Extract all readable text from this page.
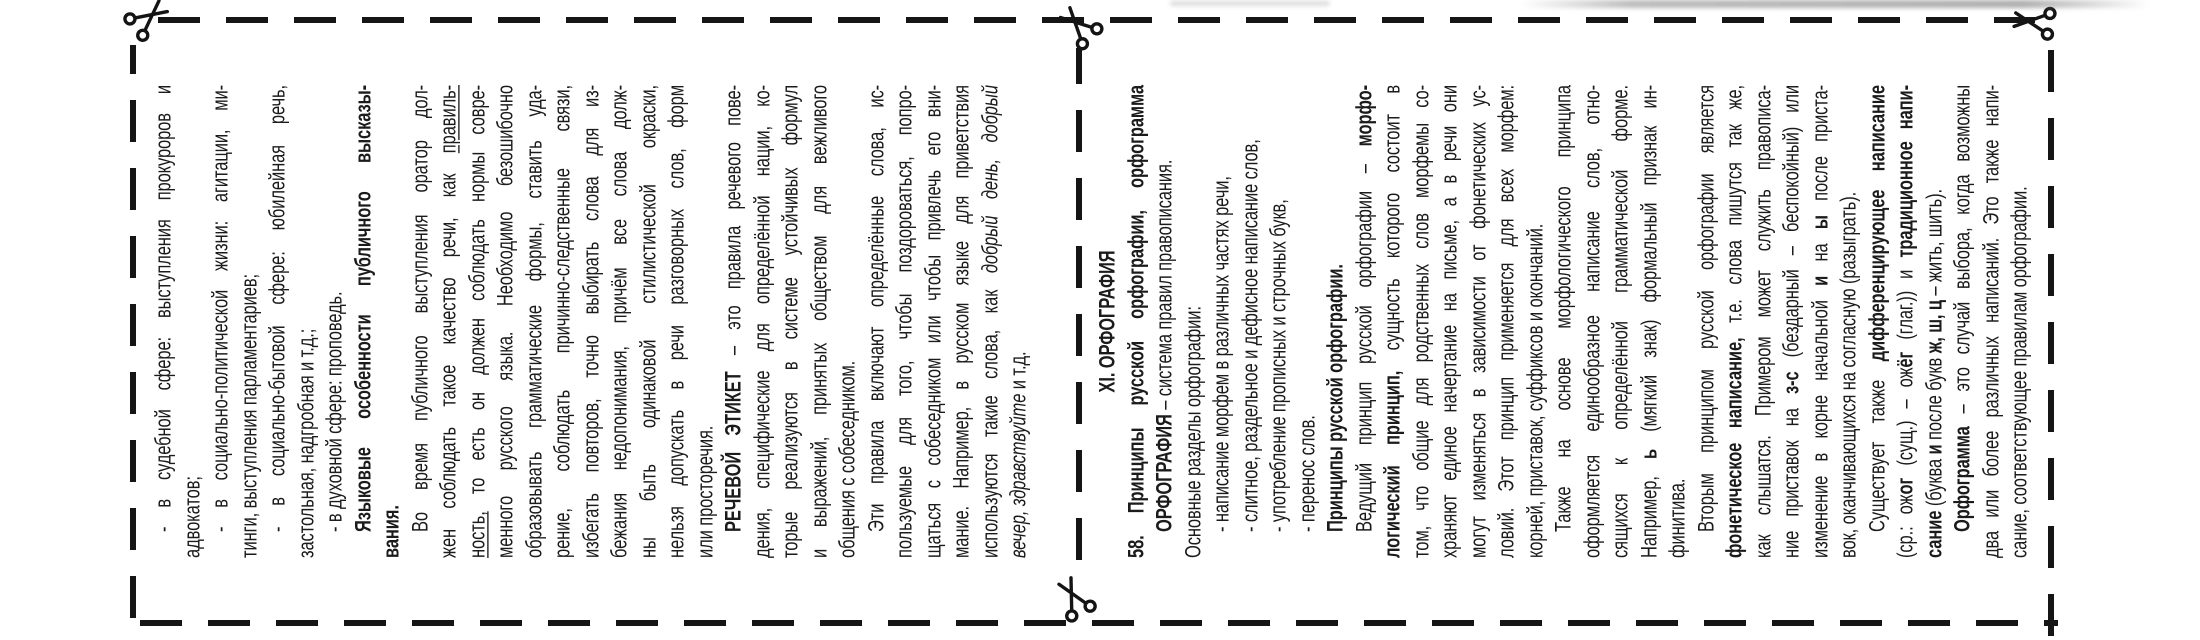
- в судебной сфере: выступления прокуроров и адвокатов; - в социально-политической жизни: агитации, ми- тинги, выступления парламентариев; - в социально-бытовой сфере: юбилейная речь, застольная, надгробная и т.д.; - в духовной сфере: проповедь. Языковые особенности публичного высказы- вания. Во время публичного выступления оратор дол- жен соблюдать такое качество речи, как правиль-
ность, то есть он должен соблюдать нормы совре- менного русского языка. Необходимо безошибочно образовывать грамматические формы, ставить уда- рение, соблюдать причинно-следственные связи, избегать повторов, точно выбирать слова для из- бежания недопонимания, причём все слова долж- ны быть одинаковой стилистической окраски, нельзя допускать в речи разговорных слов, форм или просторечия. РЕЧЕВОЙ ЭТИКЕТ – это правила речевого пове- дения, специфические для определённой нации, ко- торые реализуются в системе устойчивых формул и выражений, принятых обществом для вежливого общения с собеседником. Эти правила включают определённые слова, ис- пользуемые для того, чтобы поздороваться, попро- щаться с собеседником или чтобы привлечь его вни- мание. Например, в русском языке для приветствия используются такие слова, как добрый день, добрый
вечер, здравствуйте и т.д.	XI. ОРФОГРАФИЯ 58. Принципы русской орфографии, орфограмма ОРФОГРАФИЯ – система правил правописания.
Основные разделы орфографии: - написание морфем в различных частях речи, - слитное, раздельное и дефисное написание слов, - употребление прописных и строчных букв, - перенос слов. Принципы русской орфографии. Ведущий принцип русской орфографии – морфо-
логический принцип, сущность которого состоит в том, что общие для родственных слов морфемы со- храняют единое начертание на письме, а в речи они могут изменяться в зависимости от фонетических ус- ловий. Этот принцип применяется для всех морфем: корней, приставок, суффиксов и окончаний. Также на основе морфологического принципа оформляется единообразное написание слов, отно- сящихся к определённой грамматической форме. Например, ь (мягкий знак) формальный признак ин-
финитива. Вторым принципом русской орфографии является фонетическое написание, т.е. слова пишутся так же, как слышатся. Примером может служить правописа- ние приставок на з-с (бездарный – беспокойный) или
изменение в корне начальной и на ы после приста-
вок, оканчивающихся на согласную (разыграть). Существует также дифференцирующее написание
(ср.: ожог (сущ.) – ожёг (глаг.)) и традиционное напи-
сание (буква и после букв ж, ш, ц – жить, шить).
Орфограмма – это случай выбора, когда возможны два или более различных написаний. Это также напи- сание, соответствующее правилам орфографии.
